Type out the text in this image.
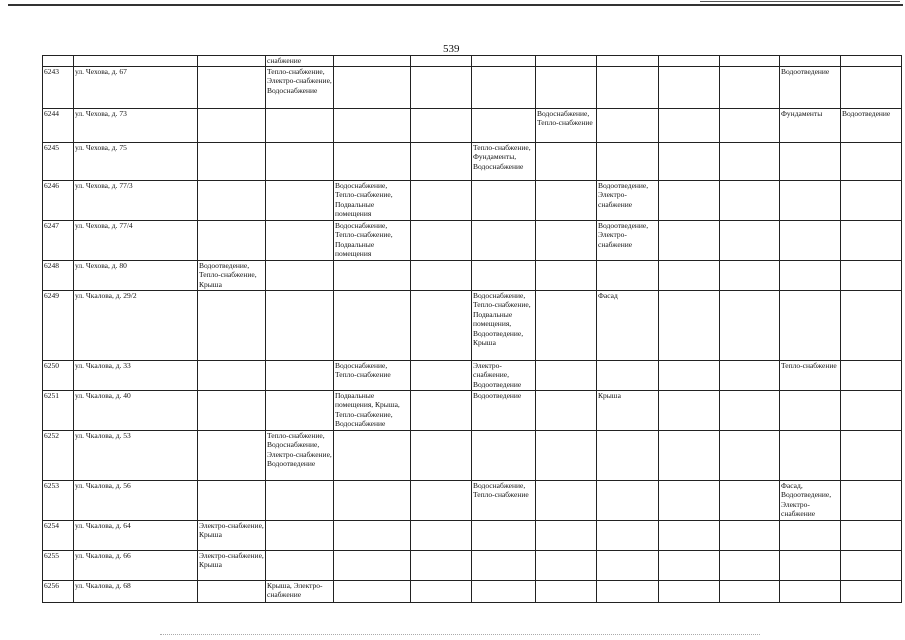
539
			снабжение									
6243	ул. Чехова, д. 67		Тепло-снабжение, Электро-снабжение, Водоснабжение								Водоотведение	
6244	ул. Чехова, д. 73						Водоснабжение, Тепло-снабжение				Фундаменты	Водоотведение
6245	ул. Чехова, д. 75					Тепло-снабжение, Фундаменты, Водоснабжение						
6246	ул. Чехова, д. 77/3			Водоснабжение, Тепло-снабжение, Подвальные помещения				Водоотведение, Электро-снабжение				
6247	ул. Чехова, д. 77/4			Водоснабжение, Тепло-снабжение, Подвальные помещения				Водоотведение, Электро-снабжение				
6248	ул. Чехова, д. 80	Водоотведение, Тепло-снабжение, Крыша										
6249	ул. Чкалова, д. 29/2					Водоснабжение, Тепло-снабжение, Подвальные помещения, Водоотведение, Крыша		Фасад				
6250	ул. Чкалова, д. 33			Водоснабжение, Тепло-снабжение		Электро-снабжение, Водоотведение					Тепло-снабжение	
6251	ул. Чкалова, д. 40			Подвальные помещения, Крыша, Тепло-снабжение, Водоснабжение		Водоотведение		Крыша				
6252	ул. Чкалова, д. 53		Тепло-снабжение, Водоснабжение, Электро-снабжение, Водоотведение									
6253	ул. Чкалова, д. 56					Водоснабжение, Тепло-снабжение					Фасад, Водоотведение, Электро-снабжение	
6254	ул. Чкалова, д. 64	Электро-снабжение, Крыша										
6255	ул. Чкалова, д. 66	Электро-снабжение, Крыша										
6256	ул. Чкалова, д. 68		Крыша, Электро-снабжение									
